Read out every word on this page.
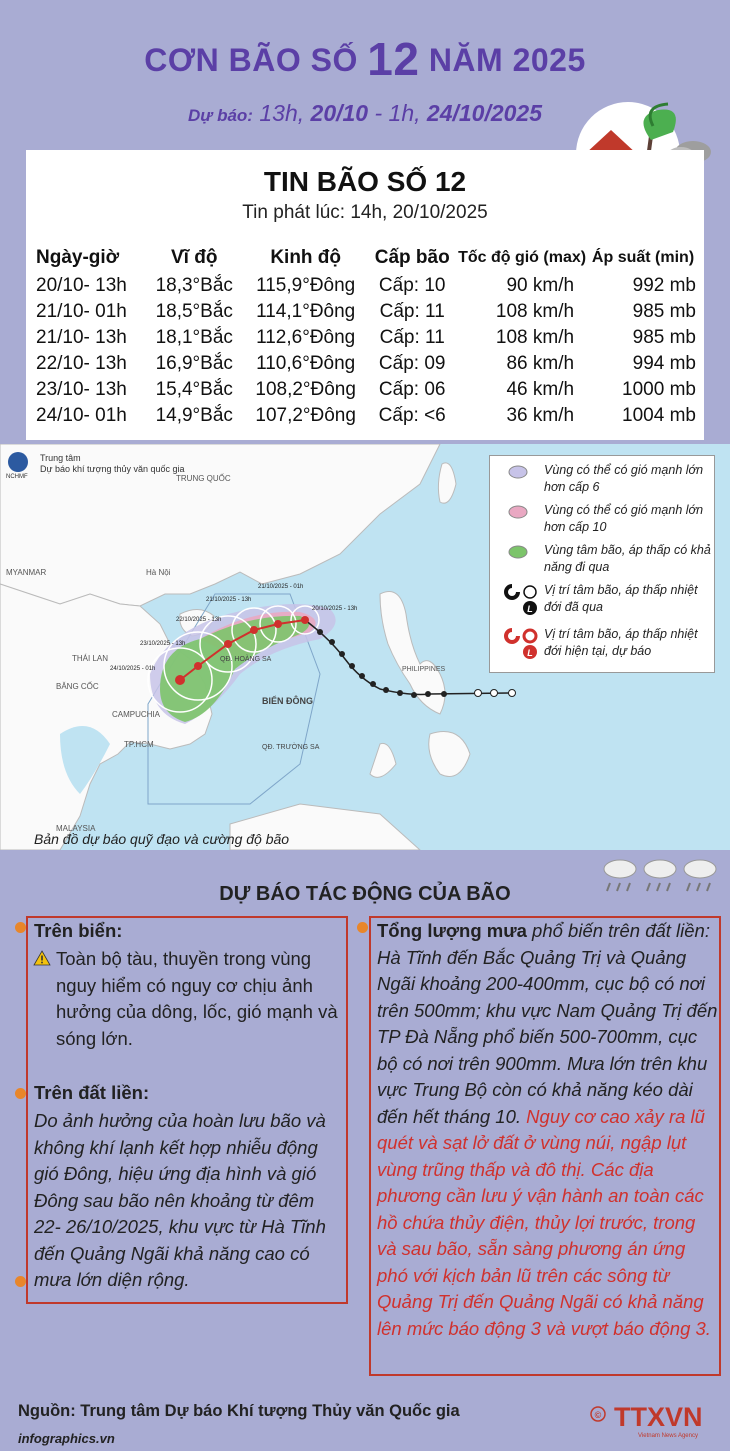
CƠN BÃO SỐ 12 NĂM 2025
Dự báo: 13h, 20/10 - 1h, 24/10/2025
TIN BÃO SỐ 12
Tin phát lúc: 14h, 20/10/2025
Ngày-giờ	Vĩ độ	Kinh độ	Cấp bão	Tốc độ gió (max)	Áp suất (min)
20/10- 13h	18,3°Bắc	115,9°Đông	Cấp: 10	90 km/h	992 mb
21/10- 01h	18,5°Bắc	114,1°Đông	Cấp: 11	108 km/h	985 mb
21/10- 13h	18,1°Bắc	112,6°Đông	Cấp: 11	108 km/h	985 mb
22/10- 13h	16,9°Bắc	110,6°Đông	Cấp: 09	86 km/h	994 mb
23/10- 13h	15,4°Bắc	108,2°Đông	Cấp: 06	46 km/h	1000 mb
24/10- 01h	14,9°Bắc	107,2°Đông	Cấp: <6	36 km/h	1004 mb
Trung tâm
Dự báo khí tượng thủy văn quốc gia
NCHMF	TRUNG QUỐC
Hà Nội
MYANMAR
THÁI LAN
BĂNG CỐC
CAMPUCHIA
TP.HCM
MALAYSIA
BIỂN ĐÔNG
QĐ. HOÀNG SA
QĐ. TRƯỜNG SA
PHILIPPINES
20/10/2025 - 13h
21/10/2025 - 01h
21/10/2025 - 13h
22/10/2025 - 13h
23/10/2025 - 13h
24/10/2025 - 01h
Bản đồ dự báo quỹ đạo và cường độ bão
Vùng có thể có gió mạnh lớn hơn cấp 6
Vùng có thể có gió mạnh lớn hơn cấp 10
Vùng tâm bão, áp thấp có khả năng đi qua
L
Vị trí tâm bão, áp thấp nhiệt đới đã qua
L
Vị trí tâm bão, áp thấp nhiệt đới hiện tại, dự báo
DỰ BÁO TÁC ĐỘNG CỦA BÃO
Trên biển:
Toàn bộ tàu, thuyền trong vùng nguy hiểm có nguy cơ chịu ảnh hưởng của dông, lốc, gió mạnh và sóng lớn.
Trên đất liền:
Do ảnh hưởng của hoàn lưu bão và không khí lạnh kết hợp nhiễu động gió Đông, hiệu ứng địa hình và gió Đông sau bão nên khoảng từ đêm 22- 26/10/2025, khu vực từ Hà Tĩnh đến Quảng Ngãi khả năng cao có mưa lớn diện rộng.
Tổng lượng mưa phổ biến trên đất liền: Hà Tĩnh đến Bắc Quảng Trị và Quảng Ngãi khoảng 200-400mm, cục bộ có nơi trên 500mm; khu vực Nam Quảng Trị đến TP Đà Nẵng phổ biến 500-700mm, cục bộ có nơi trên 900mm. Mưa lớn trên khu vực Trung Bộ còn có khả năng kéo dài đến hết tháng 10. Nguy cơ cao xảy ra lũ quét và sạt lở đất ở vùng núi, ngập lụt vùng trũng thấp và đô thị. Các địa phương cần lưu ý vận hành an toàn các hồ chứa thủy điện, thủy lợi trước, trong và sau bão, sẵn sàng phương án ứng phó với kịch bản lũ trên các sông từ Quảng Trị đến Quảng Ngãi có khả năng lên mức báo động 3 và vượt báo động 3.
Nguồn: Trung tâm Dự báo Khí tượng Thủy văn Quốc gia
infographics.vn
© TTXVN
Vietnam News Agency
